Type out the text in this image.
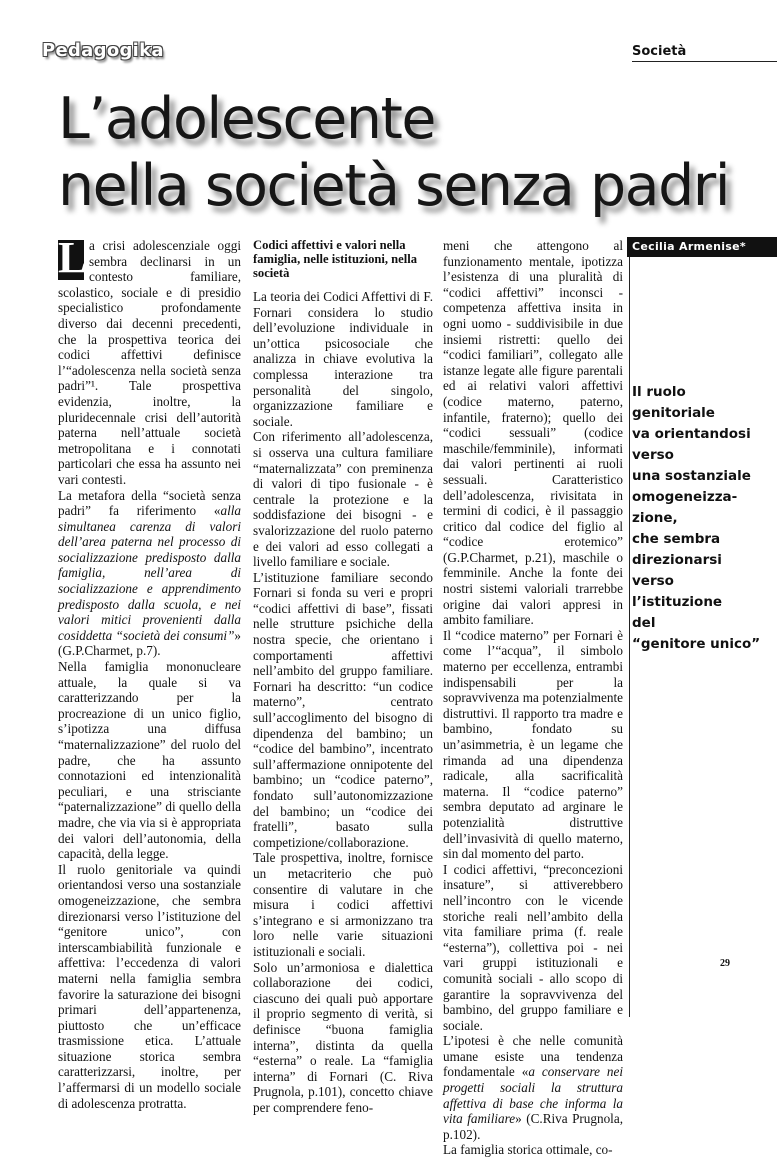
Pedagogika	Società
L’adolescente
nella società senza padri

L a crisi adolescenziale oggi sembra declinarsi in un contesto familiare, scolastico, sociale e di presidio specialistico profondamente diverso dai decenni precedenti, che la prospettiva teorica dei codici affettivi definisce l’“adolescenza nella società senza padri”¹. Tale prospettiva evidenzia, inoltre, la pluridecennale crisi dell’autorità paterna nell’attuale società metropolitana e i connotati particolari che essa ha assunto nei vari contesti.

La metafora della “società senza padri” fa riferimento «alla simultanea carenza di valori dell’area paterna nel processo di socializzazione predisposto dalla famiglia, nell’area di socializzazione e apprendimento predisposto dalla scuola, e nei valori mitici provenienti dalla cosiddetta “società dei consumi”» (G.P.Charmet, p.7).

Nella famiglia mononucleare attuale, la quale si va caratterizzando per la procreazione di un unico figlio, s’ipotizza una diffusa “maternalizzazione” del ruolo del padre, che ha assunto connotazioni ed intenzionalità peculiari, e una strisciante “paternalizzazione” di quello della madre, che via via si è appropriata dei valori dell’autonomia, della capacità, della legge.

Il ruolo genitoriale va quindi orientandosi verso una sostanziale omogeneizzazione, che sembra direzionarsi verso l’istituzione del “genitore unico”, con interscambiabilità funzionale e affettiva: l’eccedenza di valori materni nella famiglia sembra favorire la saturazione dei bisogni primari dell’appartenenza, piuttosto che un’efficace trasmissione etica. L’attuale situazione storica sembra caratterizzarsi, inoltre, per l’affermarsi di un modello sociale di adolescenza protratta.

Codici affettivi e valori nella famiglia, nelle istituzioni, nella società

La teoria dei Codici Affettivi di F. Fornari considera lo studio dell’evoluzione individuale in un’ottica psicosociale che analizza in chiave evolutiva la complessa interazione tra personalità del singolo, organizzazione familiare e sociale.

Con riferimento all’adolescenza, si osserva una cultura familiare “maternalizzata” con preminenza di valori di tipo fusionale - è centrale la protezione e la soddisfazione dei bisogni - e svalorizzazione del ruolo paterno e dei valori ad esso collegati a livello familiare e sociale.

L’istituzione familiare secondo Fornari si fonda su veri e propri “codici affettivi di base”, fissati nelle strutture psichiche della nostra specie, che orientano i comportamenti affettivi nell’ambito del gruppo familiare. Fornari ha descritto: “un codice materno”, centrato sull’accoglimento del bisogno di dipendenza del bambino; un “codice del bambino”, incentrato sull’affermazione onnipotente del bambino; un “codice paterno”, fondato sull’autonomizzazione del bambino; un “codice dei fratelli”, basato sulla competizione/collaborazione.

Tale prospettiva, inoltre, fornisce un metacriterio che può consentire di valutare in che misura i codici affettivi s’integrano e si armonizzano tra loro nelle varie situazioni istituzionali e sociali.

Solo un’armoniosa e dialettica collaborazione dei codici, ciascuno dei quali può apportare il proprio segmento di verità, si definisce “buona famiglia interna”, distinta da quella “esterna” o reale. La “famiglia interna” di Fornari (C. Riva Prugnola, p.101), concetto chiave per comprendere feno-

meni che attengono al funzionamento mentale, ipotizza l’esistenza di una pluralità di “codici affettivi” inconsci - competenza affettiva insita in ogni uomo - suddivisibile in due insiemi ristretti: quello dei “codici familiari”, collegato alle istanze legate alle figure parentali ed ai relativi valori affettivi (codice materno, paterno, infantile, fraterno); quello dei “codici sessuali” (codice maschile/femminile), informati dai valori pertinenti ai ruoli sessuali. Caratteristico dell’adolescenza, rivisitata in termini di codici, è il passaggio critico dal codice del figlio al “codice erotemico” (G.P.Charmet, p.21), maschile o femminile. Anche la fonte dei nostri sistemi valoriali trarrebbe origine dai valori appresi in ambito familiare.

Il “codice materno” per Fornari è come l’“acqua”, il simbolo materno per eccellenza, entrambi indispensabili per la sopravvivenza ma potenzialmente distruttivi. Il rapporto tra madre e bambino, fondato su un’asimmetria, è un legame che rimanda ad una dipendenza radicale, alla sacrificalità materna. Il “codice paterno” sembra deputato ad arginare le potenzialità distruttive dell’invasività di quello materno, sin dal momento del parto.

I codici affettivi, “preconcezioni insature”, si attiverebbero nell’incontro con le vicende storiche reali nell’ambito della vita familiare prima (f. reale “esterna”), collettiva poi - nei vari gruppi istituzionali e comunità sociali - allo scopo di garantire la sopravvivenza del bambino, del gruppo familiare e sociale.

L’ipotesi è che nelle comunità umane esiste una tendenza fondamentale «a conservare nei progetti sociali la struttura affettiva di base che informa la vita familiare» (C.Riva Prugnola, p.102).

La famiglia storica ottimale, co-

Cecilia Armenise*
Il ruolo
genitoriale
va orientandosi
verso
una sostanziale
omogeneizza-
zione,
che sembra
direzionarsi
verso
l’istituzione
del
“genitore unico”
29
